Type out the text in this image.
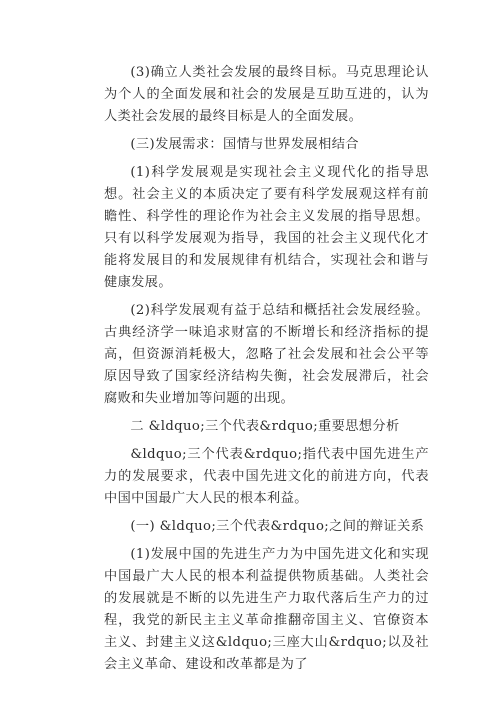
(3)确立人类社会发展的最终目标。马克思理论认为个人的全面发展和社会的发展是互助互进的，认为人类社会发展的最终目标是人的全面发展。

(三)发展需求：国情与世界发展相结合

(1)科学发展观是实现社会主义现代化的指导思想。社会主义的本质决定了要有科学发展观这样有前瞻性、科学性的理论作为社会主义发展的指导思想。只有以科学发展观为指导，我国的社会主义现代化才能将发展目的和发展规律有机结合，实现社会和谐与健康发展。

(2)科学发展观有益于总结和概括社会发展经验。古典经济学一味追求财富的不断增长和经济指标的提高，但资源消耗极大，忽略了社会发展和社会公平等原因导致了国家经济结构失衡，社会发展滞后，社会腐败和失业增加等问题的出现。

二 &ldquo;三个代表&rdquo;重要思想分析

&ldquo;三个代表&rdquo;指代表中国先进生产力的发展要求，代表中国先进文化的前进方向，代表中国中国最广大人民的根本利益。

(一) &ldquo;三个代表&rdquo;之间的辩证关系

(1)发展中国的先进生产力为中国先进文化和实现中国最广大人民的根本利益提供物质基础。人类社会的发展就是不断的以先进生产力取代落后生产力的过程，我党的新民主主义革命推翻帝国主义、官僚资本主义、封建主义这&ldquo;三座大山&rdquo;以及社会主义革命、建设和改革都是为了
